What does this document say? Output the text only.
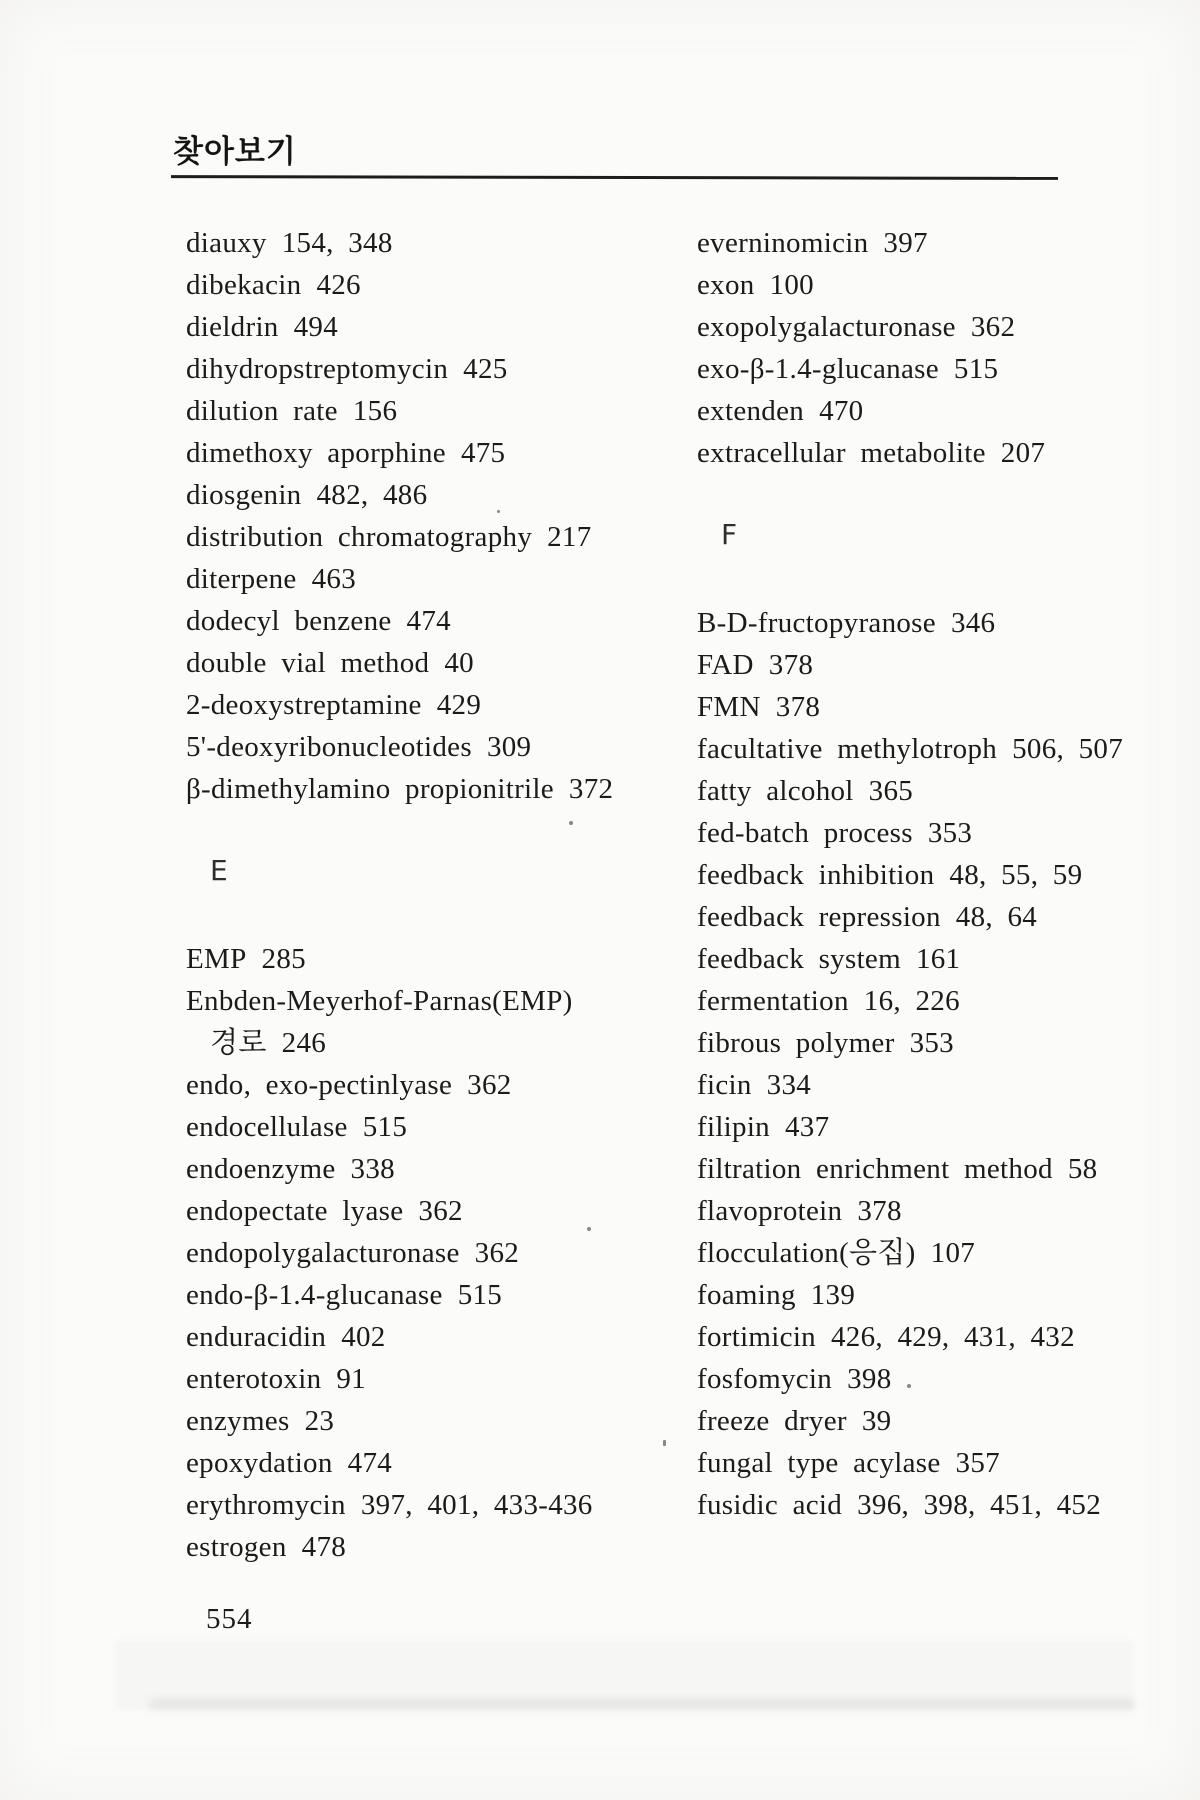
찾아보기
diauxy 154, 348
dibekacin 426
dieldrin 494
dihydropstreptomycin 425
dilution rate 156
dimethoxy aporphine 475
diosgenin 482, 486
distribution chromatography 217
diterpene 463
dodecyl benzene 474
double vial method 40
2-deoxystreptamine 429
5'-deoxyribonucleotides 309
β-dimethylamino propionitrile 372
E
EMP 285
Enbden-Meyerhof-Parnas(EMP)
경로 246
endo, exo-pectinlyase 362
endocellulase 515
endoenzyme 338
endopectate lyase 362
endopolygalacturonase 362
endo-β-1.4-glucanase 515
enduracidin 402
enterotoxin 91
enzymes 23
epoxydation 474
erythromycin 397, 401, 433-436
estrogen 478
everninomicin 397
exon 100
exopolygalacturonase 362
exo-β-1.4-glucanase 515
extenden 470
extracellular metabolite 207
F
B-D-fructopyranose 346
FAD 378
FMN 378
facultative methylotroph 506, 507
fatty alcohol 365
fed-batch process 353
feedback inhibition 48, 55, 59
feedback repression 48, 64
feedback system 161
fermentation 16, 226
fibrous polymer 353
ficin 334
filipin 437
filtration enrichment method 58
flavoprotein 378
flocculation(응집) 107
foaming 139
fortimicin 426, 429, 431, 432
fosfomycin 398
freeze dryer 39
fungal type acylase 357
fusidic acid 396, 398, 451, 452
554
